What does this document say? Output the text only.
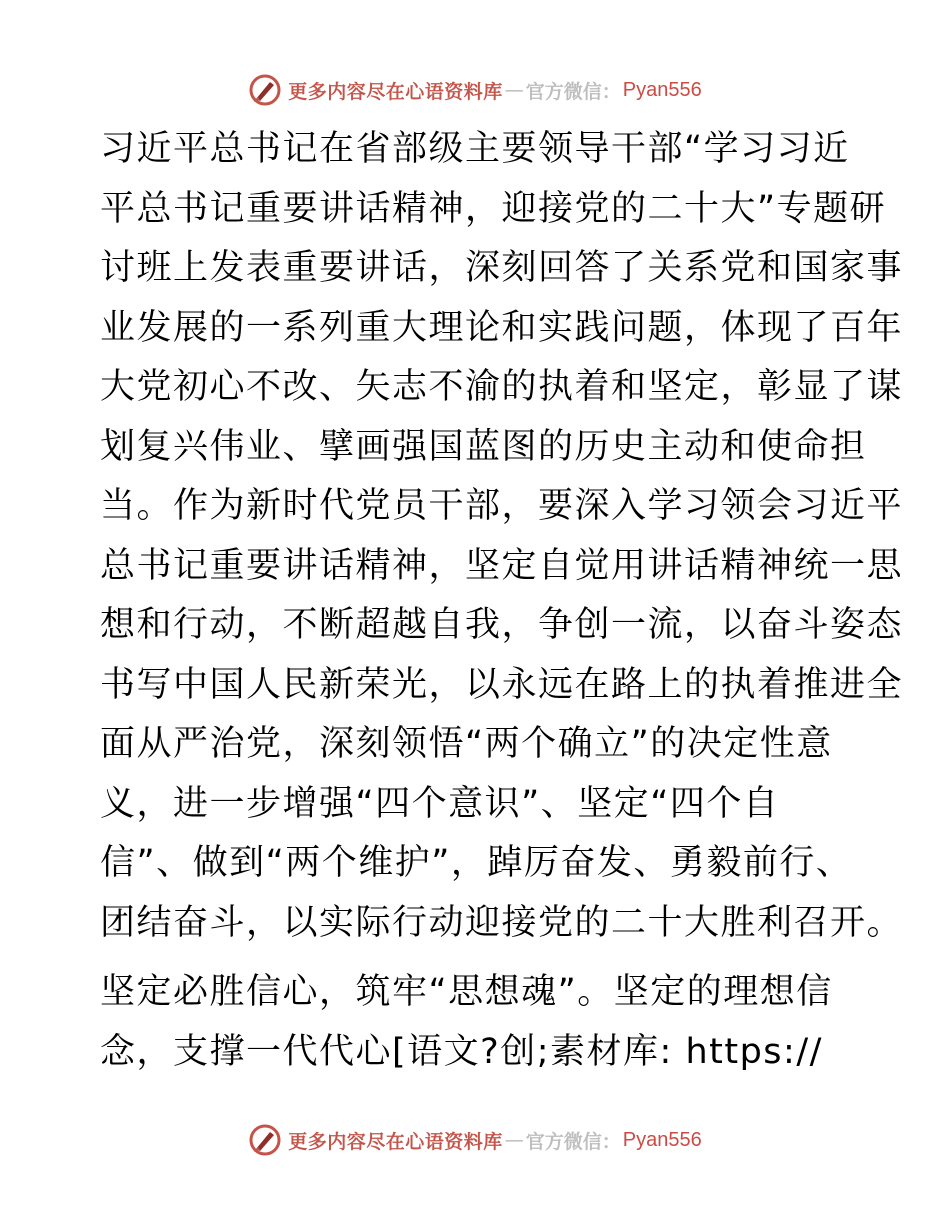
更多内容尽在心语资料库 — 官方微信： Pyan556
习近平总书记在省部级主要领导干部“学习习近
平总书记重要讲话精神，迎接党的二十大”专题研
讨班上发表重要讲话，深刻回答了关系党和国家事
业发展的一系列重大理论和实践问题，体现了百年
大党初心不改、矢志不渝的执着和坚定，彰显了谋
划复兴伟业、擘画强国蓝图的历史主动和使命担
当。作为新时代党员干部，要深入学习领会习近平
总书记重要讲话精神，坚定自觉用讲话精神统一思
想和行动，不断超越自我，争创一流，以奋斗姿态
书写中国人民新荣光，以永远在路上的执着推进全
面从严治党，深刻领悟“两个确立”的决定性意
义，进一步增强“四个意识”、坚定“四个自
信”、做到“两个维护”，踔厉奋发、勇毅前行、
团结奋斗，以实际行动迎接党的二十大胜利召开。
坚定必胜信心，筑牢“思想魂”。坚定的理想信
念，支撑一代代心[语文?创;素材库: https://
更多内容尽在心语资料库 — 官方微信： Pyan556
